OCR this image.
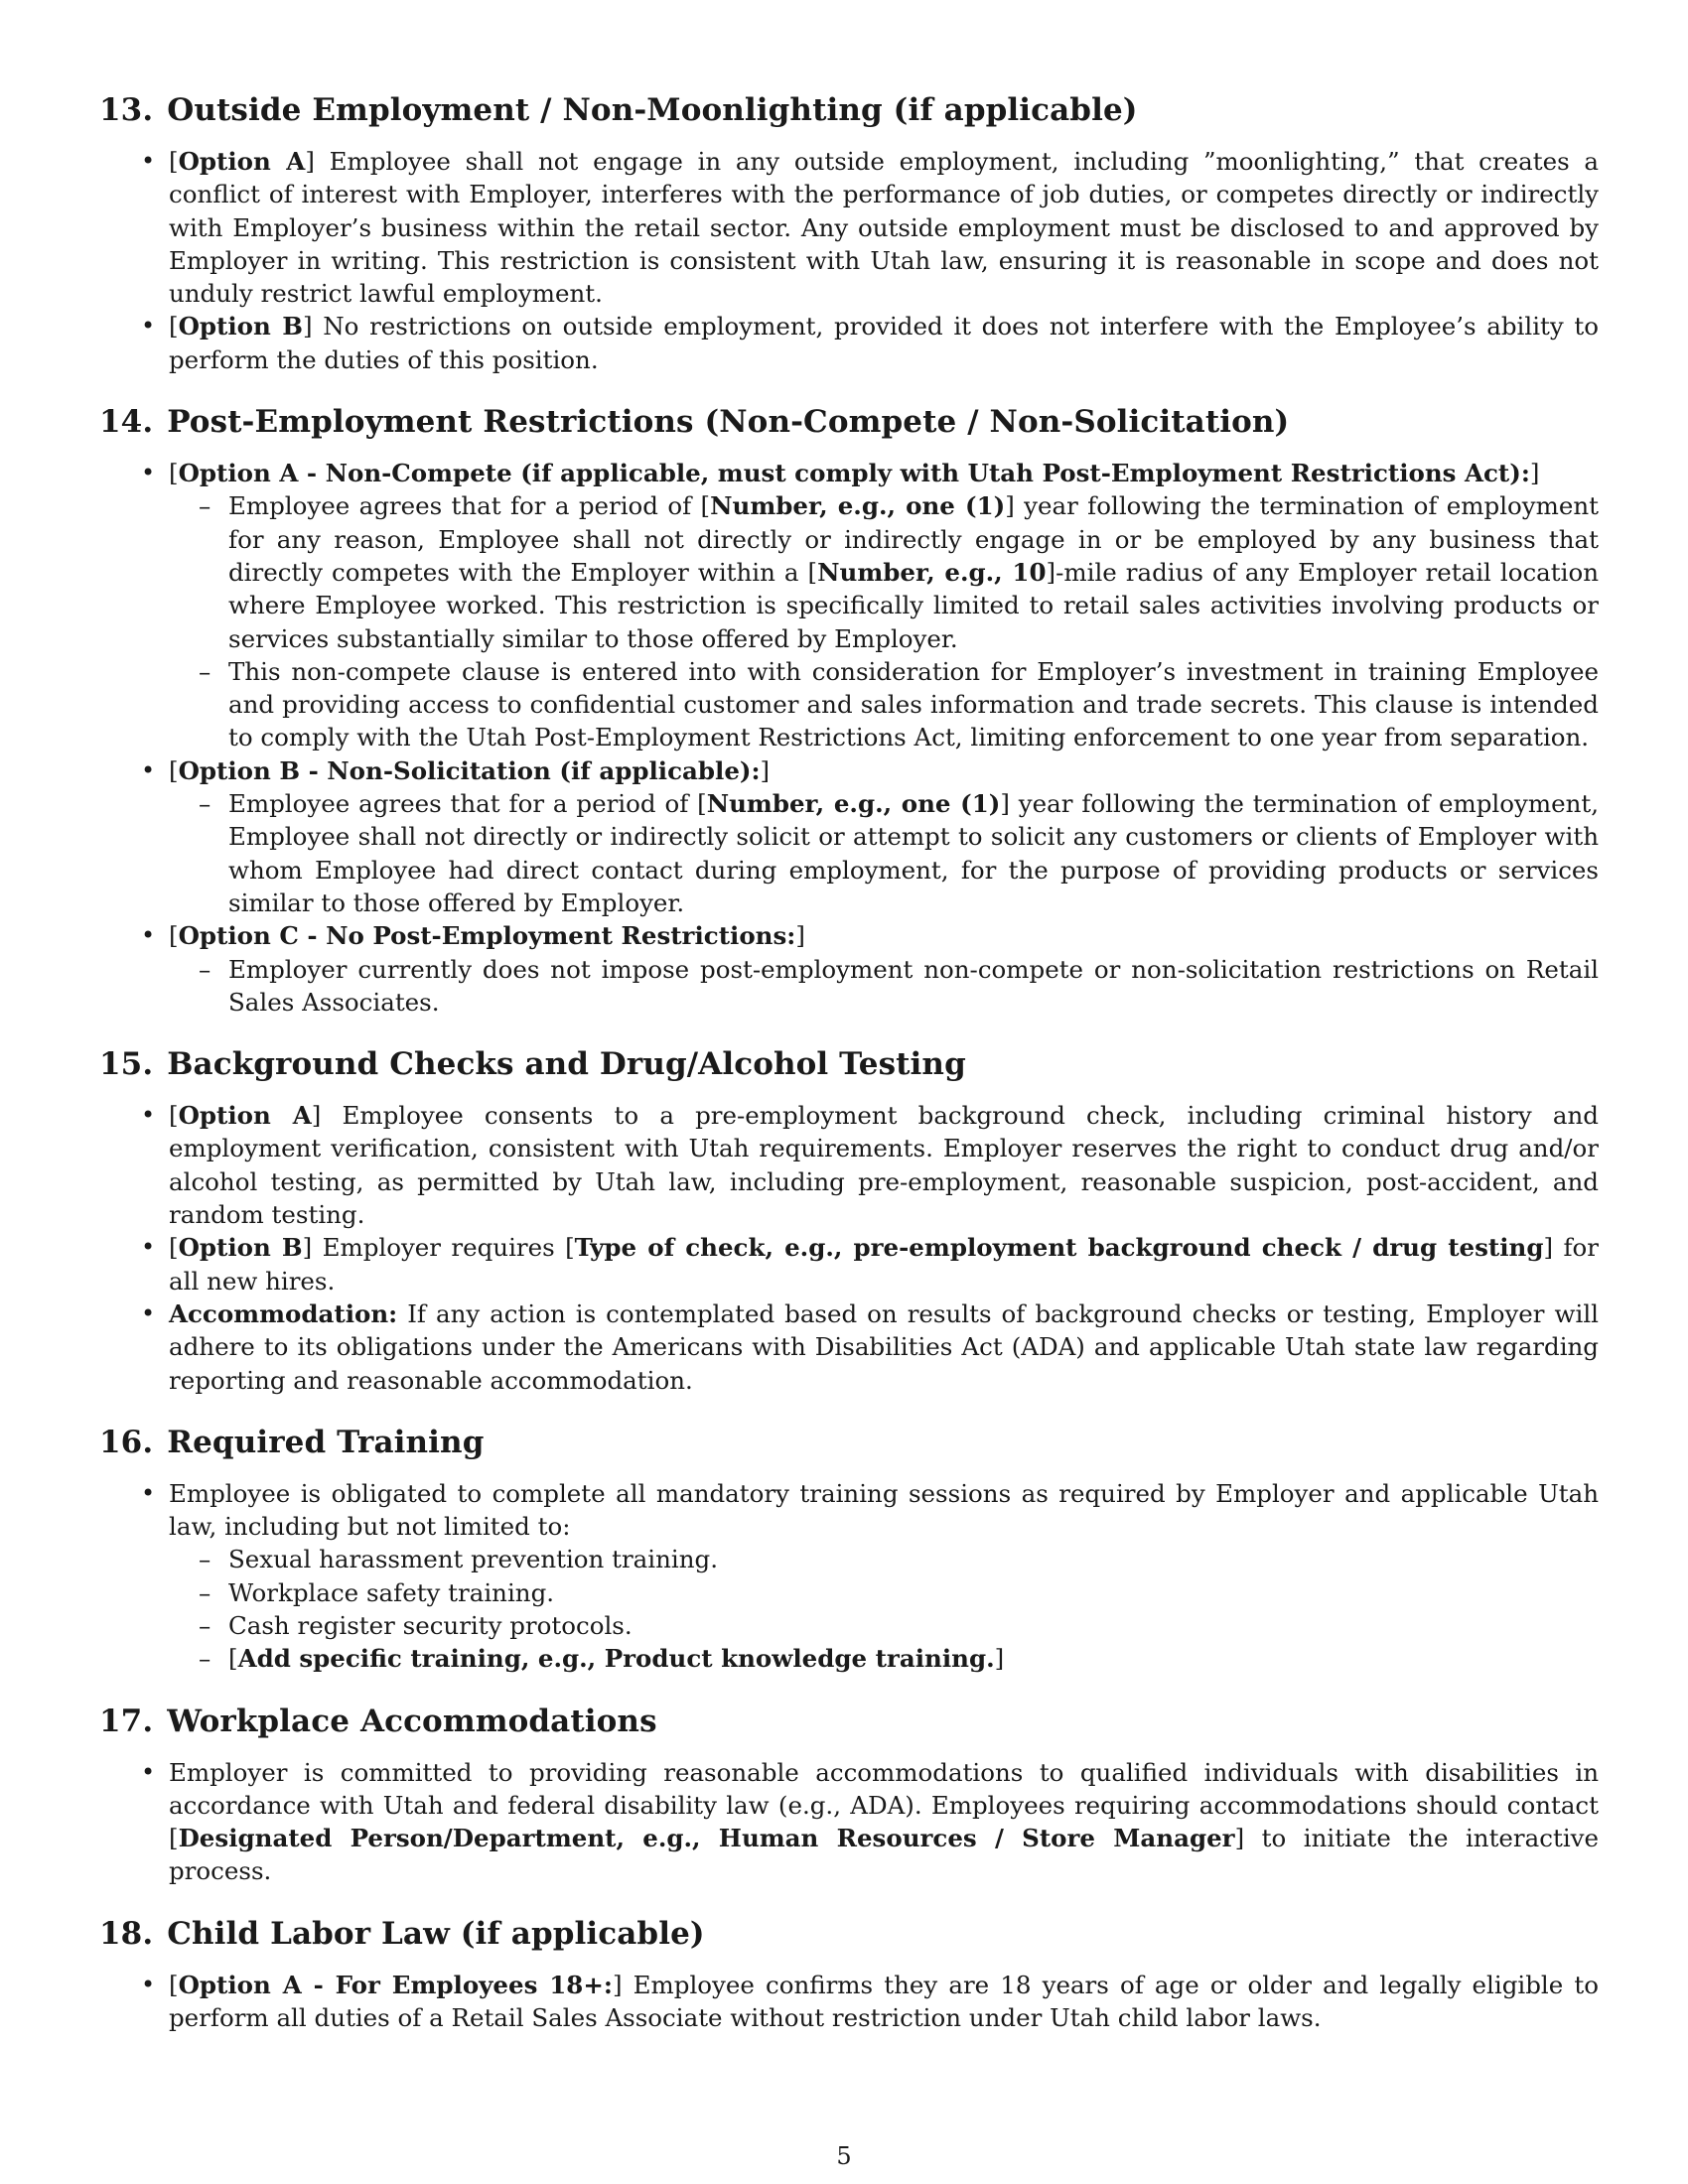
13. Outside Employment / Non-Moonlighting (if applicable)
• [Option A] Employee shall not engage in any outside employment, including ”moonlighting,” that creates a conflict of interest with Employer, interferes with the performance of job duties, or competes directly or indirectly with Employer’s business within the retail sector. Any outside employment must be disclosed to and approved by Employer in writing. This restriction is consistent with Utah law, ensuring it is reasonable in scope and does not unduly restrict lawful employment.
• [Option B] No restrictions on outside employment, provided it does not interfere with the Employee’s ability to perform the duties of this position.
14. Post-Employment Restrictions (Non-Compete / Non-Solicitation)
• [Option A - Non-Compete (if applicable, must comply with Utah Post-Employment Restrictions Act):]
– Employee agrees that for a period of [Number, e.g., one (1)] year following the termination of employment for any reason, Employee shall not directly or indirectly engage in or be employed by any business that directly competes with the Employer within a [Number, e.g., 10]-mile radius of any Employer retail location where Employee worked. This restriction is specifically limited to retail sales activities involving products or services substantially similar to those offered by Employer.
– This non-compete clause is entered into with consideration for Employer’s investment in training Employee and providing access to confidential customer and sales information and trade secrets. This clause is intended to comply with the Utah Post-Employment Restrictions Act, limiting enforcement to one year from separation.
• [Option B - Non-Solicitation (if applicable):]
– Employee agrees that for a period of [Number, e.g., one (1)] year following the termination of employment, Employee shall not directly or indirectly solicit or attempt to solicit any customers or clients of Employer with whom Employee had direct contact during employment, for the purpose of providing products or services similar to those offered by Employer.
• [Option C - No Post-Employment Restrictions:]
– Employer currently does not impose post-employment non-compete or non-solicitation restrictions on Retail Sales Associates.
15. Background Checks and Drug/Alcohol Testing
• [Option A] Employee consents to a pre-employment background check, including criminal history and employment verification, consistent with Utah requirements. Employer reserves the right to conduct drug and/or alcohol testing, as permitted by Utah law, including pre-employment, reasonable suspicion, post-accident, and random testing.
• [Option B] Employer requires [Type of check, e.g., pre-employment background check / drug testing] for all new hires.
• Accommodation: If any action is contemplated based on results of background checks or testing, Employer will adhere to its obligations under the Americans with Disabilities Act (ADA) and applicable Utah state law regarding reporting and reasonable accommodation.
16. Required Training
• Employee is obligated to complete all mandatory training sessions as required by Employer and applicable Utah law, including but not limited to:
– Sexual harassment prevention training.
– Workplace safety training.
– Cash register security protocols.
– [Add specific training, e.g., Product knowledge training.]
17. Workplace Accommodations
• Employer is committed to providing reasonable accommodations to qualified individuals with disabilities in accordance with Utah and federal disability law (e.g., ADA). Employees requiring accommodations should contact [Designated Person/Department, e.g., Human Resources / Store Manager] to initiate the interactive process.
18. Child Labor Law (if applicable)
• [Option A - For Employees 18+:] Employee confirms they are 18 years of age or older and legally eligible to perform all duties of a Retail Sales Associate without restriction under Utah child labor laws.
5
